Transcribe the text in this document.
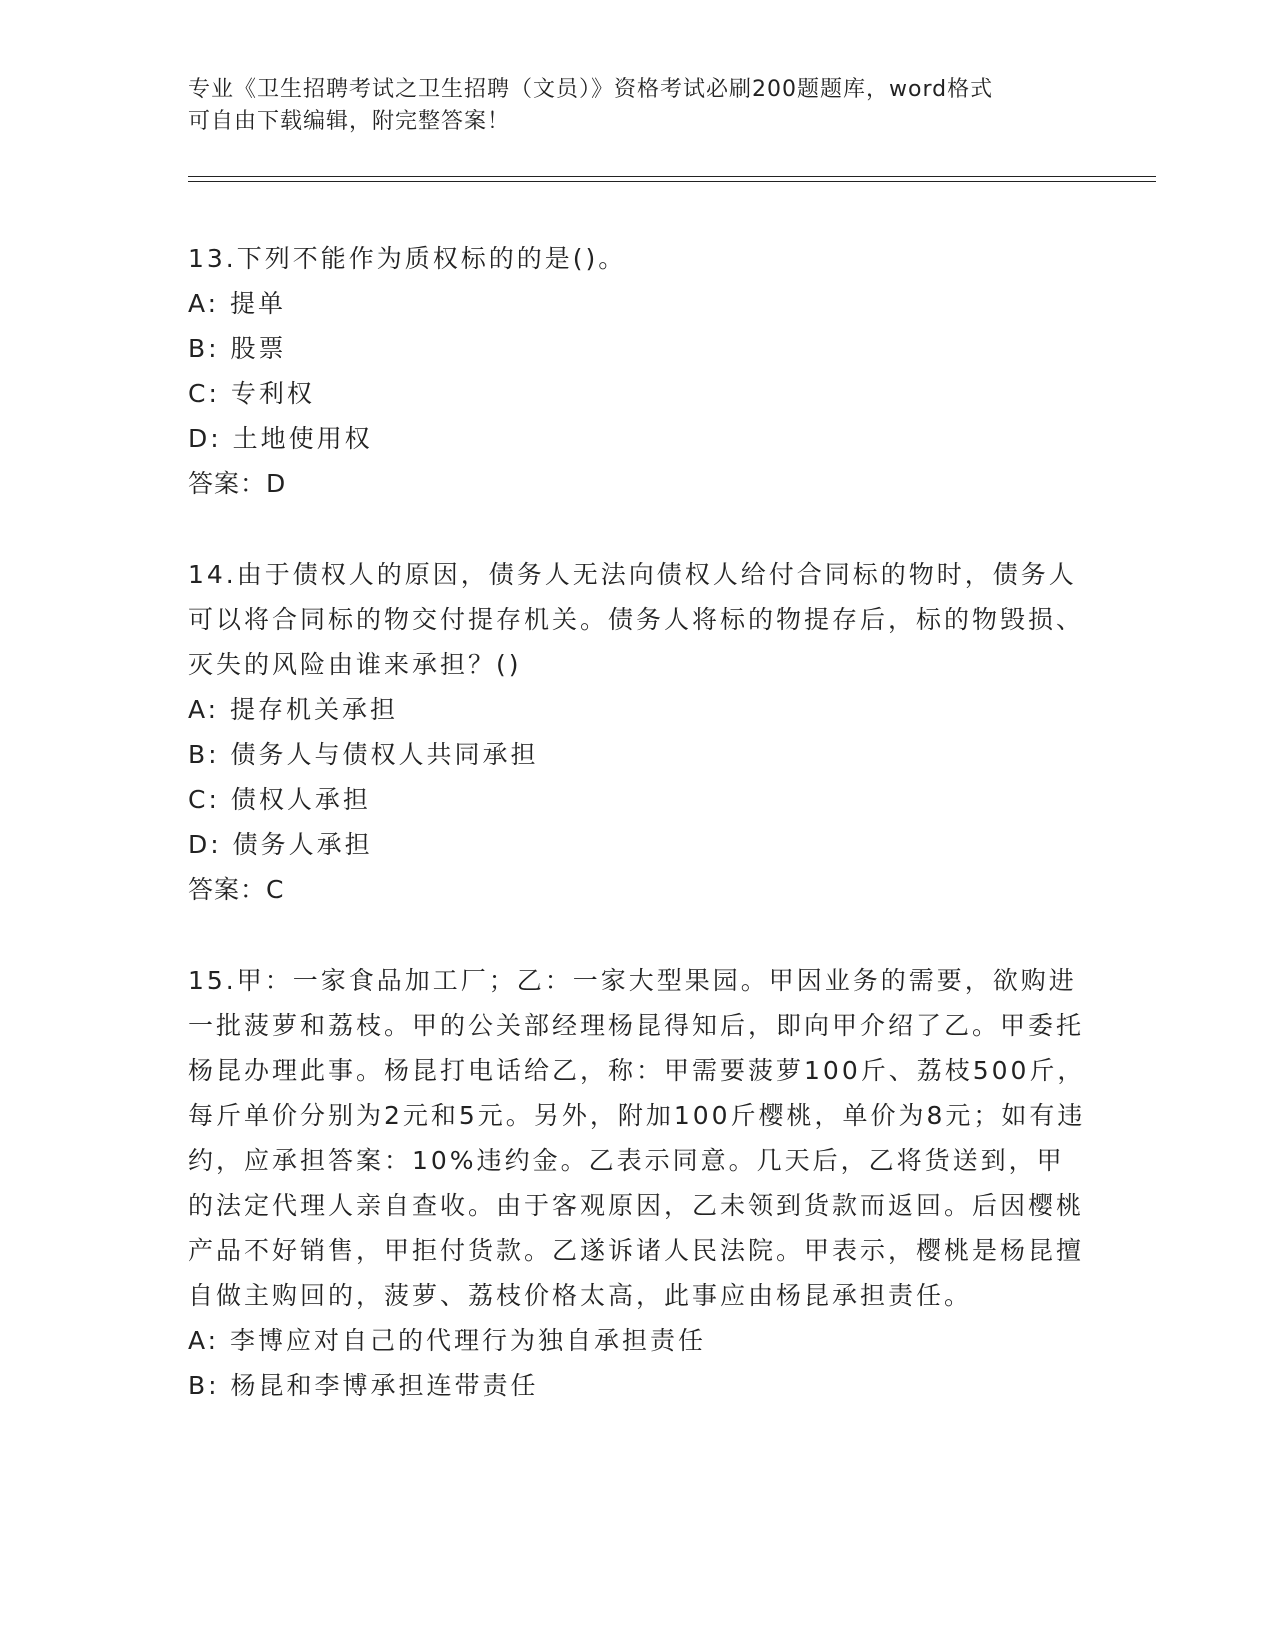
专业《卫生招聘考试之卫生招聘（文员）》资格考试必刷200题题库，word格式
可自由下载编辑，附完整答案！
13.下列不能作为质权标的的是()。
A: 提单
B: 股票
C: 专利权
D: 土地使用权
答案：D
14.由于债权人的原因，债务人无法向债权人给付合同标的物时，债务人可以将合同标的物交付提存机关。债务人将标的物提存后，标的物毁损、灭失的风险由谁来承担？()
A: 提存机关承担
B: 债务人与债权人共同承担
C: 债权人承担
D: 债务人承担
答案：C
15.甲：一家食品加工厂；乙：一家大型果园。甲因业务的需要，欲购进一批菠萝和荔枝。甲的公关部经理杨昆得知后，即向甲介绍了乙。甲委托杨昆办理此事。杨昆打电话给乙，称：甲需要菠萝100斤、荔枝500斤，每斤单价分别为2元和5元。另外，附加100斤樱桃，单价为8元；如有违约，应承担答案：10%违约金。乙表示同意。几天后，乙将货送到，甲的法定代理人亲自查收。由于客观原因，乙未领到货款而返回。后因樱桃产品不好销售，甲拒付货款。乙遂诉诸人民法院。甲表示，樱桃是杨昆擅自做主购回的，菠萝、荔枝价格太高，此事应由杨昆承担责任。
A: 李博应对自己的代理行为独自承担责任
B: 杨昆和李博承担连带责任
